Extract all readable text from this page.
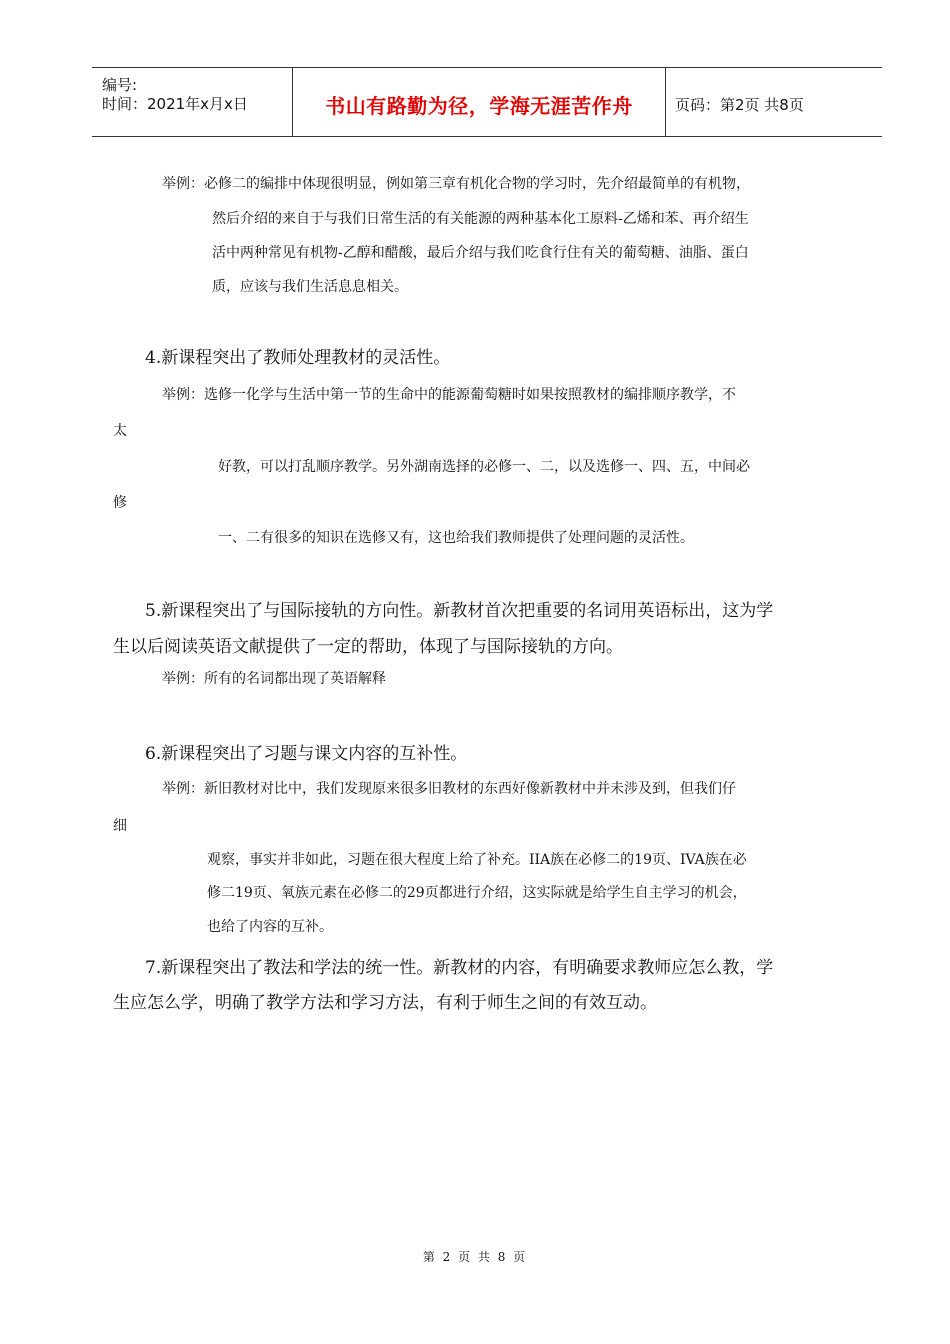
编号:
时间：2021年x月x日	书山有路勤为径，学海无涯苦作舟	页码：第2页 共8页
举例：必修二的编排中体现很明显，例如第三章有机化合物的学习时，先介绍最简单的有机物，
然后介绍的来自于与我们日常生活的有关能源的两种基本化工原料-乙烯和苯、再介绍生
活中两种常见有机物-乙醇和醋酸，最后介绍与我们吃食行住有关的葡萄糖、油脂、蛋白
质，应该与我们生活息息相关。
4.新课程突出了教师处理教材的灵活性。
举例：选修一化学与生活中第一节的生命中的能源葡萄糖时如果按照教材的编排顺序教学，不
太
好教，可以打乱顺序教学。另外湖南选择的必修一、二，以及选修一、四、五，中间必
修
一、二有很多的知识在选修又有，这也给我们教师提供了处理问题的灵活性。
5.新课程突出了与国际接轨的方向性。新教材首次把重要的名词用英语标出，这为学
生以后阅读英语文献提供了一定的帮助，体现了与国际接轨的方向。
举例：所有的名词都出现了英语解释
6.新课程突出了习题与课文内容的互补性。
举例：新旧教材对比中，我们发现原来很多旧教材的东西好像新教材中并未涉及到，但我们仔
细
观察，事实并非如此，习题在很大程度上给了补充。IIA族在必修二的19页、IVA族在必
修二19页、氧族元素在必修二的29页都进行介绍，这实际就是给学生自主学习的机会，
也给了内容的互补。
7.新课程突出了教法和学法的统一性。新教材的内容，有明确要求教师应怎么教，学
生应怎么学，明确了教学方法和学习方法，有利于师生之间的有效互动。
第 2 页 共 8 页
